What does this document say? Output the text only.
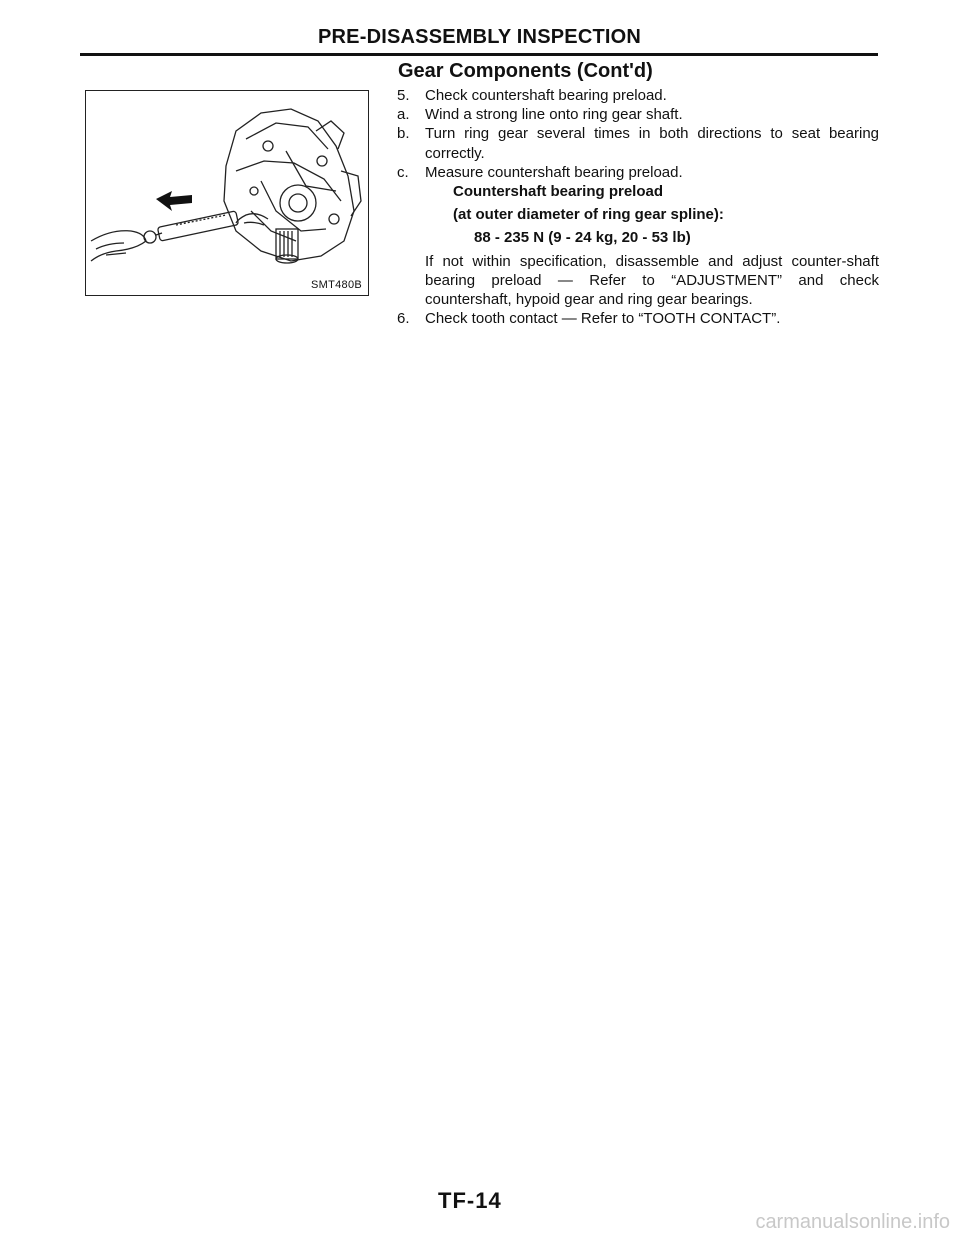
PRE-DISASSEMBLY INSPECTION
Gear Components (Cont'd)
SMT480B
5. Check countershaft bearing preload.
a. Wind a strong line onto ring gear shaft.
b. Turn ring gear several times in both directions to seat bearing correctly.
c. Measure countershaft bearing preload.
Countershaft bearing preload
(at outer diameter of ring gear spline):
88 - 235 N (9 - 24 kg, 20 - 53 lb)
If not within specification, disassemble and adjust counter-shaft bearing preload — Refer to “ADJUSTMENT” and check countershaft, hypoid gear and ring gear bearings.
6. Check tooth contact — Refer to “TOOTH CONTACT”.
TF-14
carmanualsonline.info
